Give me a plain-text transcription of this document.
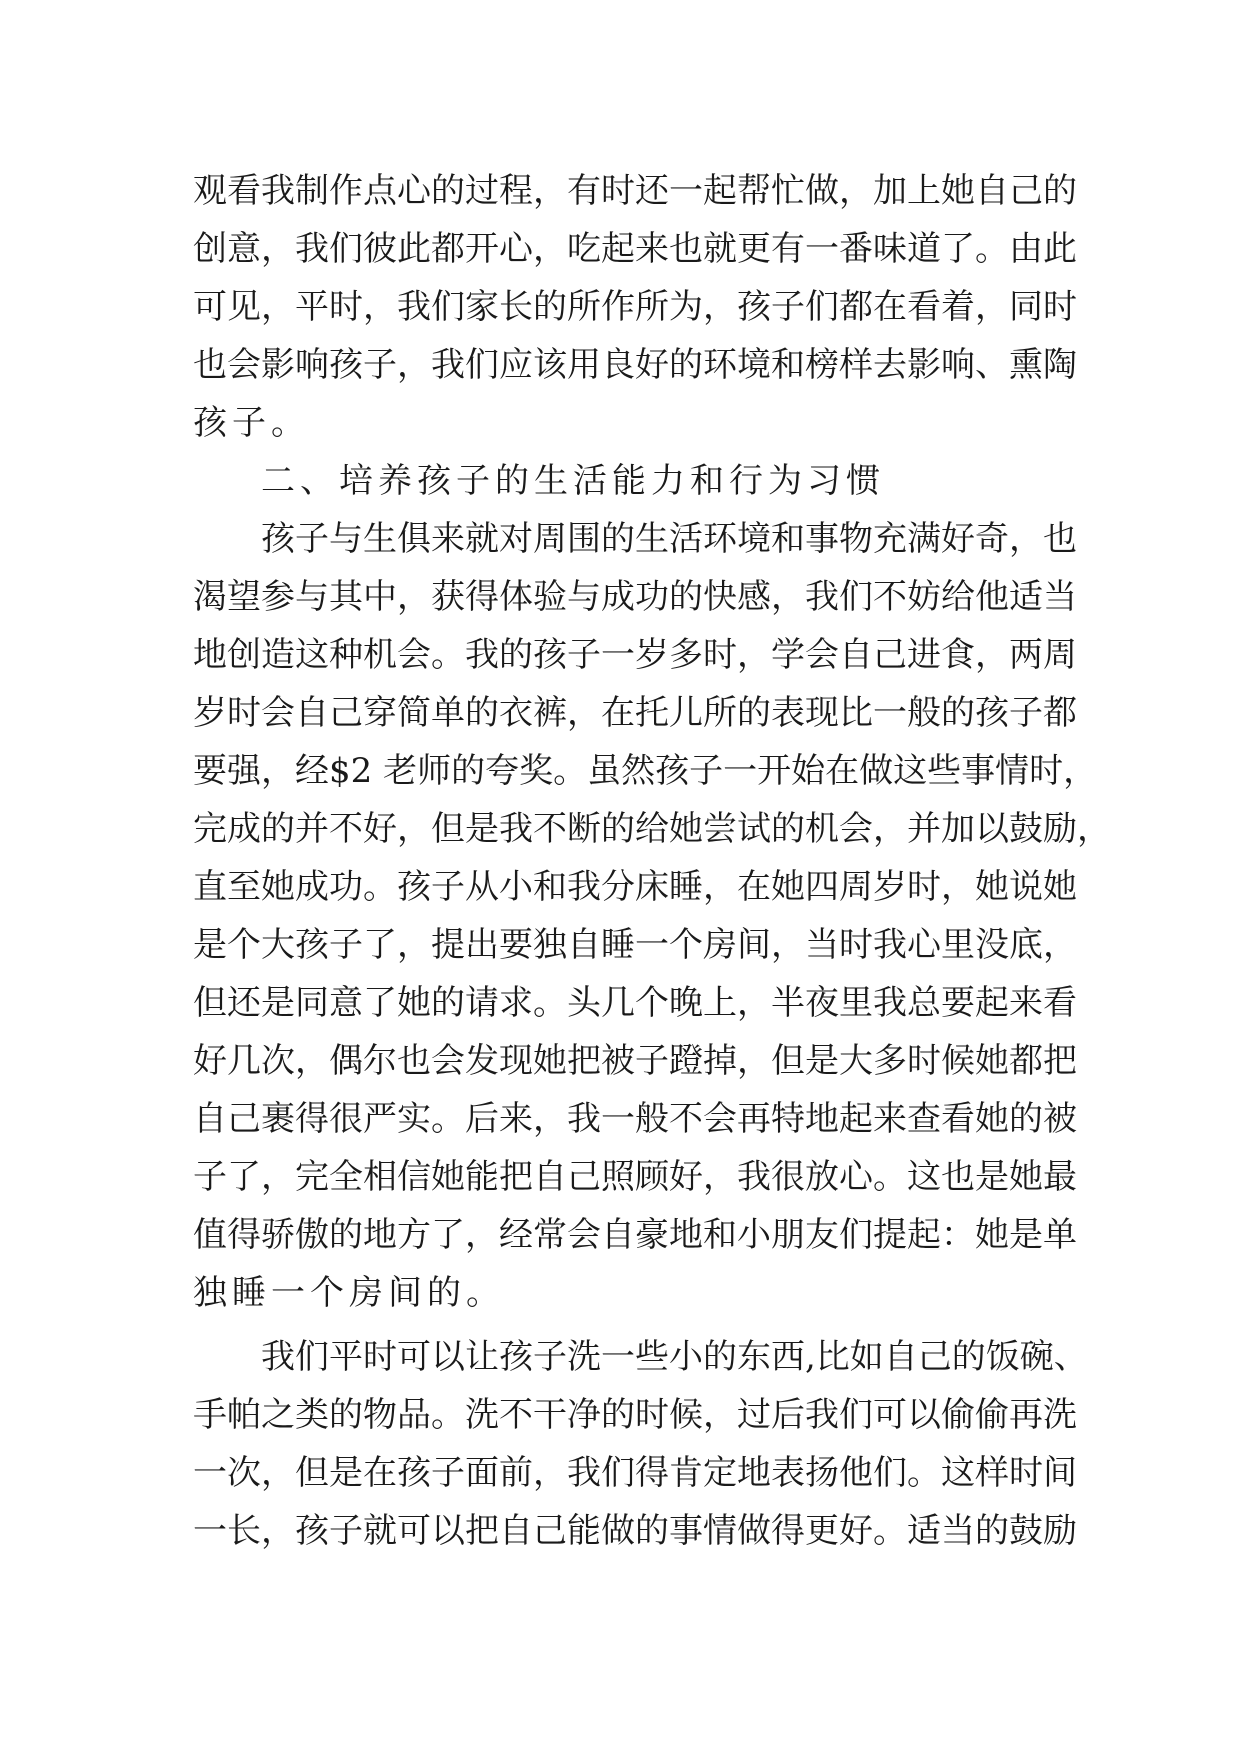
观看我制作点心的过程，有时还一起帮忙做，加上她自己的
创意，我们彼此都开心，吃起来也就更有一番味道了。由此
可见，平时，我们家长的所作所为，孩子们都在看着，同时
也会影响孩子，我们应该用良好的环境和榜样去影响、熏陶
孩子。
二、培养孩子的生活能力和行为习惯
孩子与生俱来就对周围的生活环境和事物充满好奇，也
渴望参与其中，获得体验与成功的快感，我们不妨给他适当
地创造这种机会。我的孩子一岁多时，学会自己进食，两周
岁时会自己穿简单的衣裤，在托儿所的表现比一般的孩子都
要强，经$2 老师的夸奖。虽然孩子一开始在做这些事情时，
完成的并不好，但是我不断的给她尝试的机会，并加以鼓励，
直至她成功。孩子从小和我分床睡，在她四周岁时，她说她
是个大孩子了，提出要独自睡一个房间，当时我心里没底，
但还是同意了她的请求。头几个晚上，半夜里我总要起来看
好几次，偶尔也会发现她把被子蹬掉，但是大多时候她都把
自己裹得很严实。后来，我一般不会再特地起来查看她的被
子了，完全相信她能把自己照顾好，我很放心。这也是她最
值得骄傲的地方了，经常会自豪地和小朋友们提起：她是单
独睡一个房间的。
我们平时可以让孩子洗一些小的东西,比如自己的饭碗、
手帕之类的物品。洗不干净的时候，过后我们可以偷偷再洗
一次，但是在孩子面前，我们得肯定地表扬他们。这样时间
一长，孩子就可以把自己能做的事情做得更好。适当的鼓励
